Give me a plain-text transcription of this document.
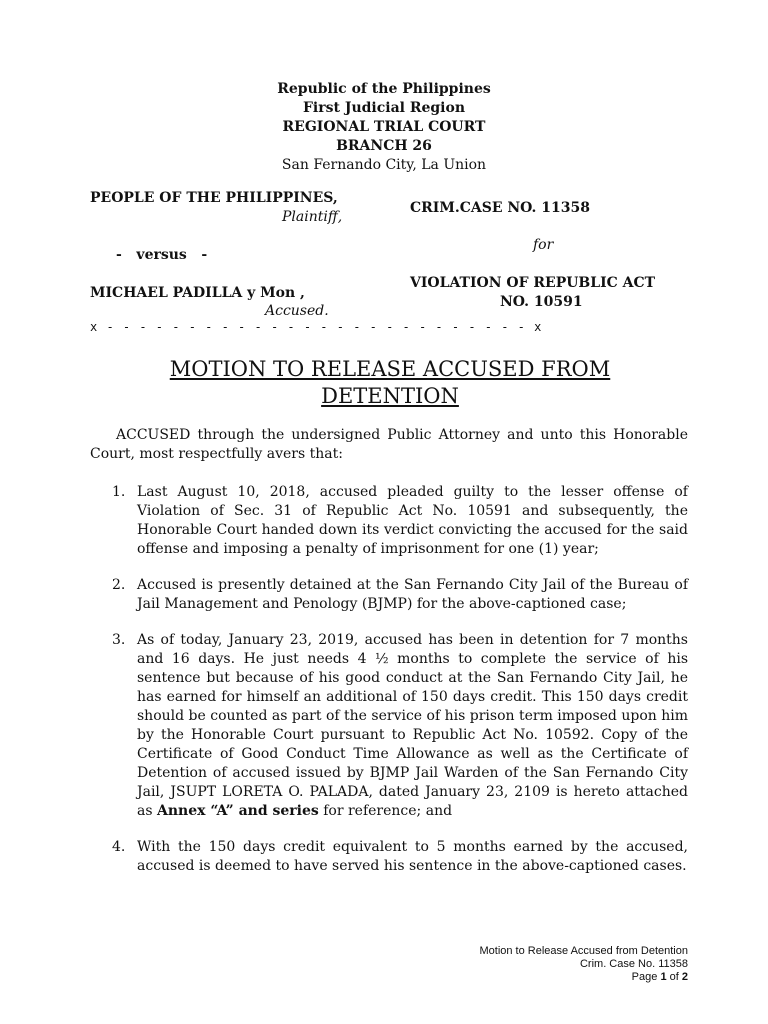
Republic of the Philippines
First Judicial Region
REGIONAL TRIAL COURT
BRANCH 26
San Fernando City, La Union
PEOPLE OF THE PHILIPPINES,
Plaintiff,
CRIM.CASE NO. 11358
for
-   versus   -
MICHAEL PADILLA y Mon ,
Accused.
VIOLATION OF REPUBLIC ACT
NO. 10591
x - - - - - - - - - - - - - - - - - - - - - - - - - - x
MOTION TO RELEASE ACCUSED FROM
DETENTION
ACCUSED through the undersigned Public Attorney and unto this Honorable Court, most respectfully avers that:
1. Last August 10, 2018, accused pleaded guilty to the lesser offense of Violation of Sec. 31 of Republic Act No. 10591 and subsequently, the Honorable Court handed down its verdict convicting the accused for the said offense and imposing a penalty of imprisonment for one (1) year;
2. Accused is presently detained at the San Fernando City Jail of the Bureau of Jail Management and Penology (BJMP) for the above-captioned case;
3. As of today, January 23, 2019, accused has been in detention for 7 months and 16 days. He just needs 4 ½ months to complete the service of his sentence but because of his good conduct at the San Fernando City Jail, he has earned for himself an additional of 150 days credit. This 150 days credit should be counted as part of the service of his prison term imposed upon him by the Honorable Court pursuant to Republic Act No. 10592. Copy of the Certificate of Good Conduct Time Allowance as well as the Certificate of Detention of accused issued by BJMP Jail Warden of the San Fernando City Jail, JSUPT LORETA O. PALADA, dated January 23, 2109 is hereto attached as Annex “A” and series for reference; and
4. With the 150 days credit equivalent to 5 months earned by the accused, accused is deemed to have served his sentence in the above-captioned cases.
Motion to Release Accused from Detention
Crim. Case No. 11358
Page 1 of 2
